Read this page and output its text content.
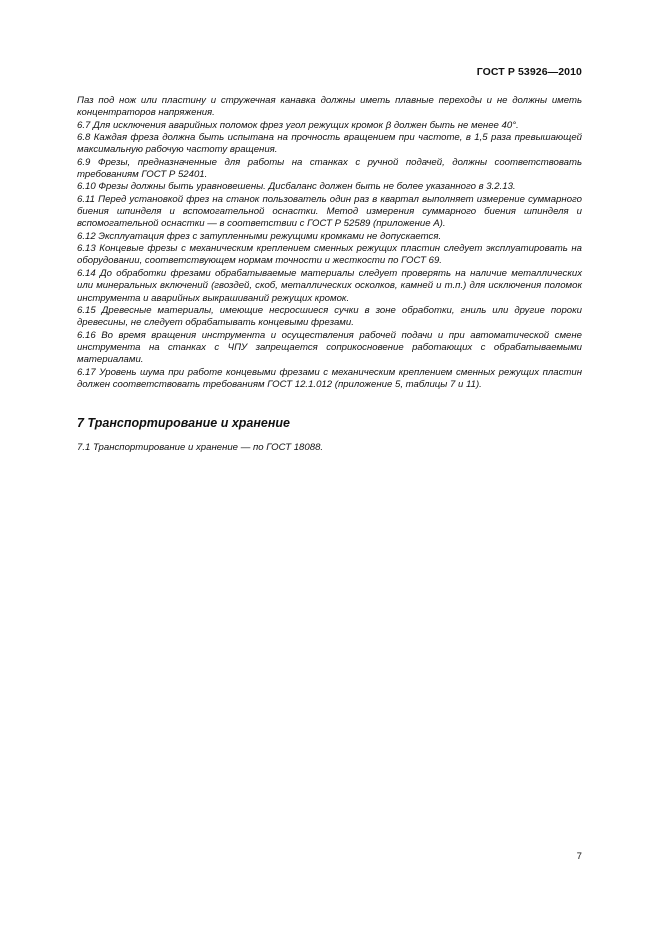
ГОСТ Р 53926—2010

Паз под нож или пластину и стружечная канавка должны иметь плавные переходы и не должны иметь концентраторов напряжения.

6.7 Для исключения аварийных поломок фрез угол режущих кромок β должен быть не менее 40°.

6.8 Каждая фреза должна быть испытана на прочность вращением при частоте, в 1,5 раза превышающей максимальную рабочую частоту вращения.

6.9 Фрезы, предназначенные для работы на станках с ручной подачей, должны соответствовать требованиям ГОСТ Р 52401.

6.10 Фрезы должны быть уравновешены. Дисбаланс должен быть не более указанного в 3.2.13.

6.11 Перед установкой фрез на станок пользователь один раз в квартал выполняет измерение суммарного биения шпинделя и вспомогательной оснастки. Метод измерения суммарного биения шпинделя и вспомогательной оснастки — в соответствии с ГОСТ Р 52589 (приложение А).

6.12 Эксплуатация фрез с затупленными режущими кромками не допускается.

6.13 Концевые фрезы с механическим креплением сменных режущих пластин следует эксплуатировать на оборудовании, соответствующем нормам точности и жесткости по ГОСТ 69.

6.14 До обработки фрезами обрабатываемые материалы следует проверять на наличие металлических или минеральных включений (гвоздей, скоб, металлических осколков, камней и т.п.) для исключения поломок инструмента и аварийных выкрашиваний режущих кромок.

6.15 Древесные материалы, имеющие несросшиеся сучки в зоне обработки, гниль или другие пороки древесины, не следует обрабатывать концевыми фрезами.

6.16 Во время вращения инструмента и осуществления рабочей подачи и при автоматической смене инструмента на станках с ЧПУ запрещается соприкосновение работающих с обрабатываемыми материалами.

6.17 Уровень шума при работе концевыми фрезами с механическим креплением сменных режущих пластин должен соответствовать требованиям ГОСТ 12.1.012 (приложение 5, таблицы 7 и 11).

7 Транспортирование и хранение
7.1 Транспортирование и хранение — по ГОСТ 18088.
7
